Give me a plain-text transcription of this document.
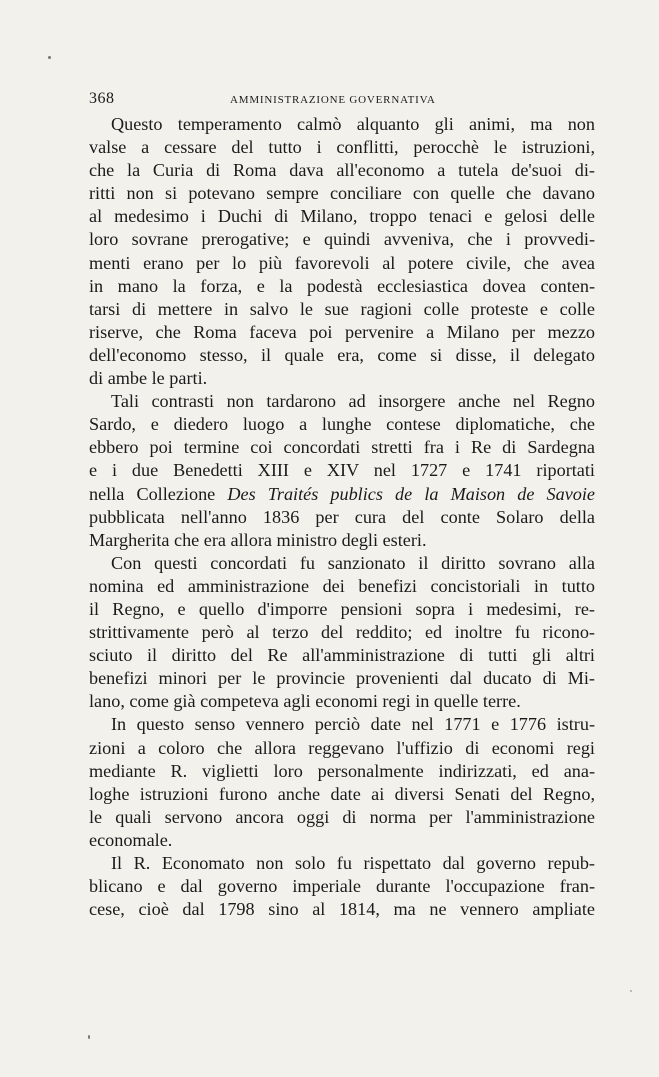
368	AMMINISTRAZIONE GOVERNATIVA
Questo temperamento calmò alquanto gli animi, ma non
valse a cessare del tutto i conflitti, perocchè le istruzioni,
che la Curia di Roma dava all'economo a tutela de'suoi di-
ritti non si potevano sempre conciliare con quelle che davano
al medesimo i Duchi di Milano, troppo tenaci e gelosi delle
loro sovrane prerogative; e quindi avveniva, che i provvedi-
menti erano per lo più favorevoli al potere civile, che avea
in mano la forza, e la podestà ecclesiastica dovea conten-
tarsi di mettere in salvo le sue ragioni colle proteste e colle
riserve, che Roma faceva poi pervenire a Milano per mezzo
dell'economo stesso, il quale era, come si disse, il delegato
di ambe le parti.
Tali contrasti non tardarono ad insorgere anche nel Regno
Sardo, e diedero luogo a lunghe contese diplomatiche, che
ebbero poi termine coi concordati stretti fra i Re di Sardegna
e i due Benedetti XIII e XIV nel 1727 e 1741 riportati
nella Collezione Des Traités publics de la Maison de Savoie
pubblicata nell'anno 1836 per cura del conte Solaro della
Margherita che era allora ministro degli esteri.
Con questi concordati fu sanzionato il diritto sovrano alla
nomina ed amministrazione dei benefizi concistoriali in tutto
il Regno, e quello d'imporre pensioni sopra i medesimi, re-
strittivamente però al terzo del reddito; ed inoltre fu ricono-
sciuto il diritto del Re all'amministrazione di tutti gli altri
benefizi minori per le provincie provenienti dal ducato di Mi-
lano, come già competeva agli economi regi in quelle terre.
In questo senso vennero perciò date nel 1771 e 1776 istru-
zioni a coloro che allora reggevano l'uffizio di economi regi
mediante R. viglietti loro personalmente indirizzati, ed ana-
loghe istruzioni furono anche date ai diversi Senati del Regno,
le quali servono ancora oggi di norma per l'amministrazione
economale.
Il R. Economato non solo fu rispettato dal governo repub-
blicano e dal governo imperiale durante l'occupazione fran-
cese, cioè dal 1798 sino al 1814, ma ne vennero ampliate
